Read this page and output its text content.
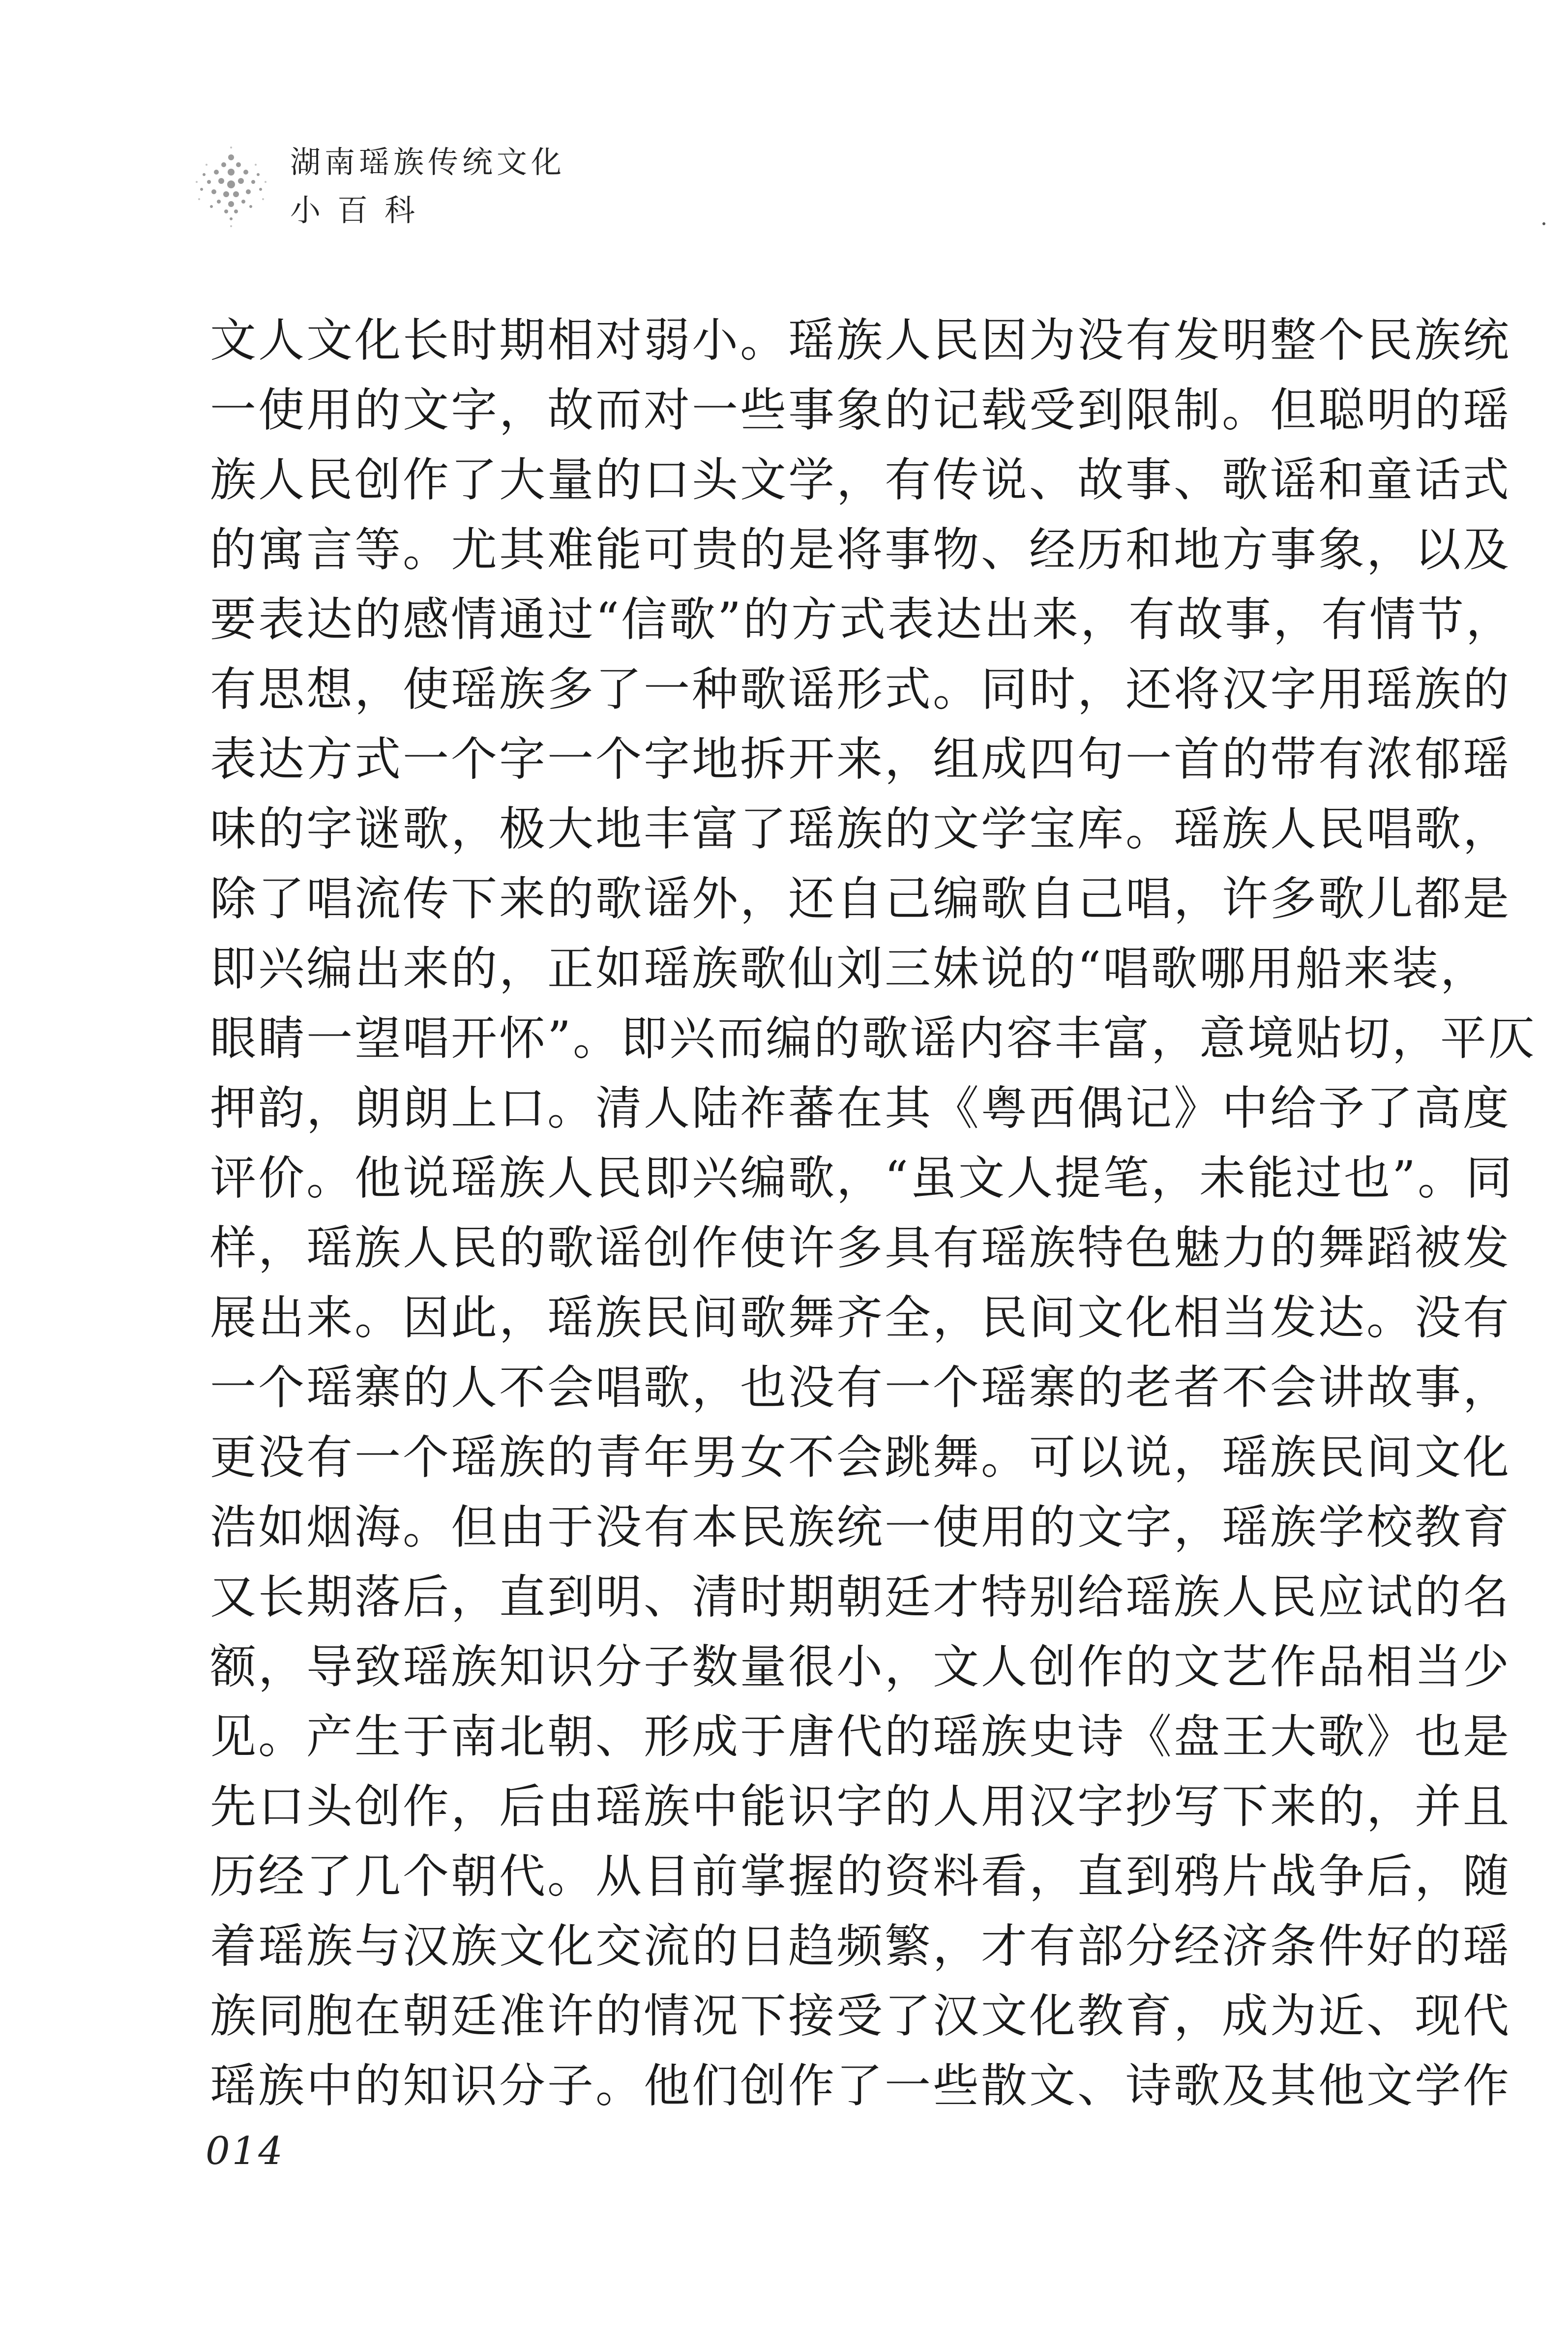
湖南瑶族传统文化
小百科
文人文化长时期相对弱小。瑶族人民因为没有发明整个民族统
一使用的文字，故而对一些事象的记载受到限制。但聪明的瑶
族人民创作了大量的口头文学，有传说、故事、歌谣和童话式
的寓言等。尤其难能可贵的是将事物、经历和地方事象，以及
要表达的感情通过“信歌”的方式表达出来，有故事，有情节，
有思想，使瑶族多了一种歌谣形式。同时，还将汉字用瑶族的
表达方式一个字一个字地拆开来，组成四句一首的带有浓郁瑶
味的字谜歌，极大地丰富了瑶族的文学宝库。瑶族人民唱歌，
除了唱流传下来的歌谣外，还自己编歌自己唱，许多歌儿都是
即兴编出来的，正如瑶族歌仙刘三妹说的“唱歌哪用船来装，
眼睛一望唱开怀”。即兴而编的歌谣内容丰富，意境贴切，平仄
押韵，朗朗上口。清人陆祚蕃在其《粤西偶记》中给予了高度
评价。他说瑶族人民即兴编歌，“虽文人提笔，未能过也”。同
样，瑶族人民的歌谣创作使许多具有瑶族特色魅力的舞蹈被发
展出来。因此，瑶族民间歌舞齐全，民间文化相当发达。没有
一个瑶寨的人不会唱歌，也没有一个瑶寨的老者不会讲故事，
更没有一个瑶族的青年男女不会跳舞。可以说，瑶族民间文化
浩如烟海。但由于没有本民族统一使用的文字，瑶族学校教育
又长期落后，直到明、清时期朝廷才特别给瑶族人民应试的名
额，导致瑶族知识分子数量很小，文人创作的文艺作品相当少
见。产生于南北朝、形成于唐代的瑶族史诗《盘王大歌》也是
先口头创作，后由瑶族中能识字的人用汉字抄写下来的，并且
历经了几个朝代。从目前掌握的资料看，直到鸦片战争后，随
着瑶族与汉族文化交流的日趋频繁，才有部分经济条件好的瑶
族同胞在朝廷准许的情况下接受了汉文化教育，成为近、现代
瑶族中的知识分子。他们创作了一些散文、诗歌及其他文学作
014
